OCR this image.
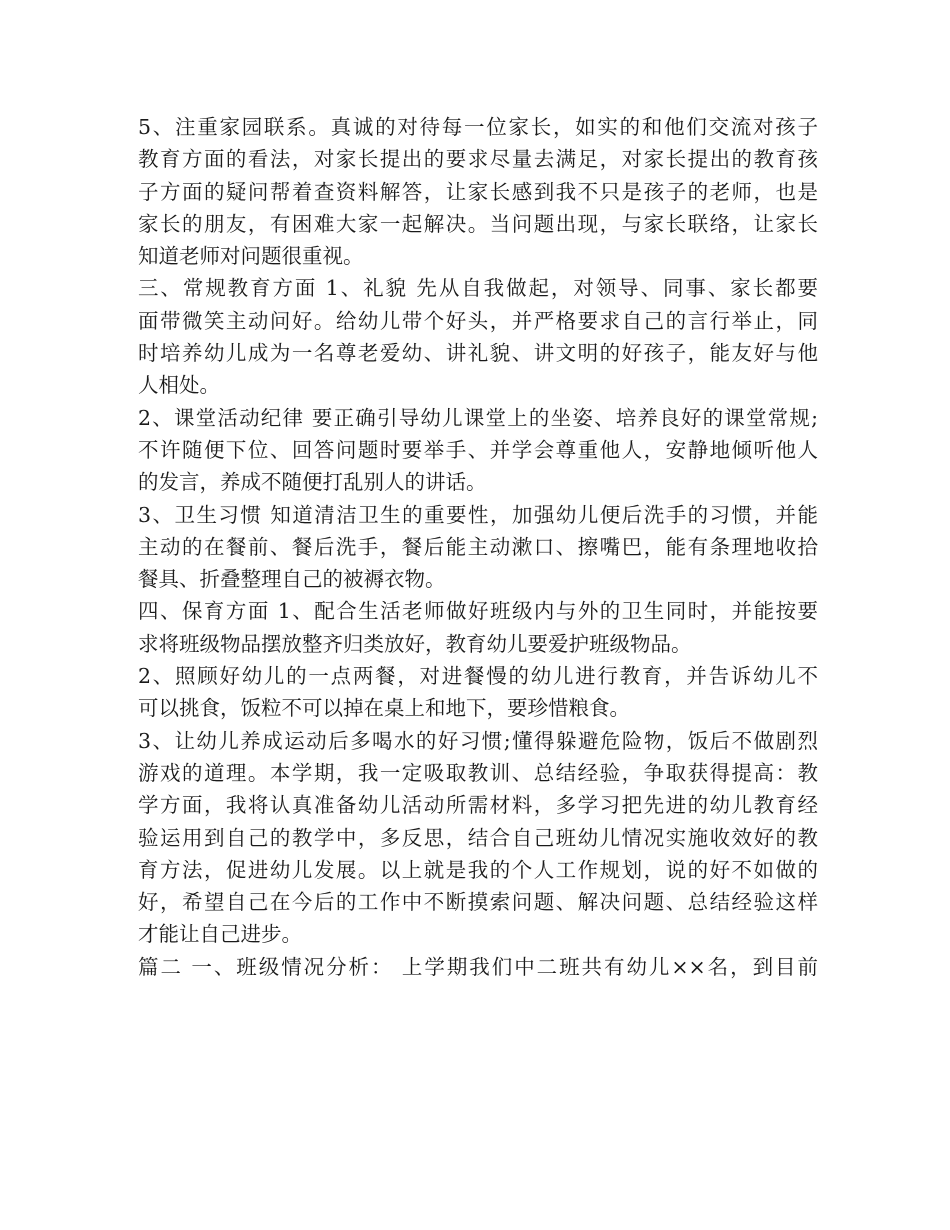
5、注重家园联系。真诚的对待每一位家长，如实的和他们交流对孩子
教育方面的看法，对家长提出的要求尽量去满足，对家长提出的教育孩
子方面的疑问帮着查资料解答，让家长感到我不只是孩子的老师，也是
家长的朋友，有困难大家一起解决。当问题出现，与家长联络，让家长
知道老师对问题很重视。
三、常规教育方面 1、礼貌 先从自我做起，对领导、同事、家长都要
面带微笑主动问好。给幼儿带个好头，并严格要求自己的言行举止，同
时培养幼儿成为一名尊老爱幼、讲礼貌、讲文明的好孩子，能友好与他
人相处。
2、课堂活动纪律 要正确引导幼儿课堂上的坐姿、培养良好的课堂常规;
不许随便下位、回答问题时要举手、并学会尊重他人，安静地倾听他人
的发言，养成不随便打乱别人的讲话。
3、卫生习惯 知道清洁卫生的重要性，加强幼儿便后洗手的习惯，并能
主动的在餐前、餐后洗手，餐后能主动漱口、擦嘴巴，能有条理地收拾
餐具、折叠整理自己的被褥衣物。
四、保育方面 1、配合生活老师做好班级内与外的卫生同时，并能按要
求将班级物品摆放整齐归类放好，教育幼儿要爱护班级物品。
2、照顾好幼儿的一点两餐，对进餐慢的幼儿进行教育，并告诉幼儿不
可以挑食，饭粒不可以掉在桌上和地下，要珍惜粮食。
3、让幼儿养成运动后多喝水的好习惯;懂得躲避危险物，饭后不做剧烈
游戏的道理。本学期，我一定吸取教训、总结经验，争取获得提高：教
学方面，我将认真准备幼儿活动所需材料，多学习把先进的幼儿教育经
验运用到自己的教学中，多反思，结合自己班幼儿情况实施收效好的教
育方法，促进幼儿发展。以上就是我的个人工作规划，说的好不如做的
好，希望自己在今后的工作中不断摸索问题、解决问题、总结经验这样
才能让自己进步。
篇二 一、班级情况分析： 上学期我们中二班共有幼儿××名，到目前
